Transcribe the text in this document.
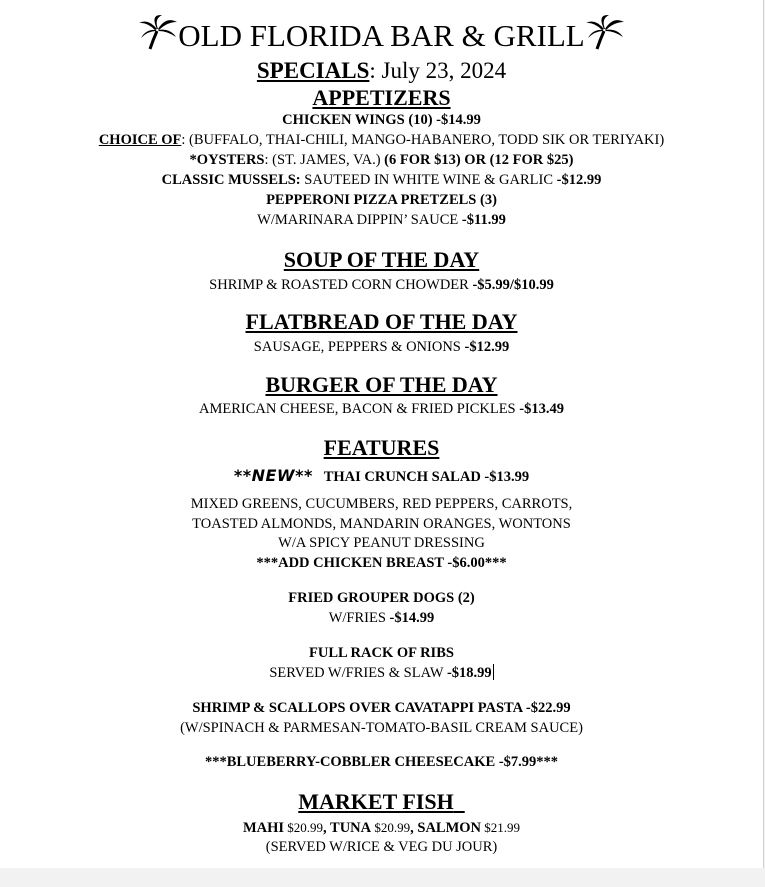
OLD FLORIDA BAR & GRILL
SPECIALS: July 23, 2024
APPETIZERS
CHICKEN WINGS (10) -$14.99
CHOICE OF: (BUFFALO, THAI-CHILI, MANGO-HABANERO, TODD SIK OR TERIYAKI)
*OYSTERS: (ST. JAMES, VA.) (6 FOR $13) OR (12 FOR $25)
CLASSIC MUSSELS: SAUTEED IN WHITE WINE & GARLIC -$12.99
PEPPERONI PIZZA PRETZELS (3)
W/MARINARA DIPPIN’ SAUCE -$11.99
SOUP OF THE DAY
SHRIMP & ROASTED CORN CHOWDER -$5.99/$10.99
FLATBREAD OF THE DAY
SAUSAGE, PEPPERS & ONIONS -$12.99
BURGER OF THE DAY
AMERICAN CHEESE, BACON & FRIED PICKLES -$13.49
FEATURES
**NEW** THAI CRUNCH SALAD -$13.99
MIXED GREENS, CUCUMBERS, RED PEPPERS, CARROTS,
TOASTED ALMONDS, MANDARIN ORANGES, WONTONS
W/A SPICY PEANUT DRESSING
***ADD CHICKEN BREAST -$6.00***
FRIED GROUPER DOGS (2)
W/FRIES -$14.99
FULL RACK OF RIBS
SERVED W/FRIES & SLAW -$18.99
SHRIMP & SCALLOPS OVER CAVATAPPI PASTA -$22.99
(W/SPINACH & PARMESAN-TOMATO-BASIL CREAM SAUCE)
***BLUEBERRY-COBBLER CHEESECAKE -$7.99***
MARKET FISH
MAHI $20.99, TUNA $20.99, SALMON $21.99
(SERVED W/RICE & VEG DU JOUR)
